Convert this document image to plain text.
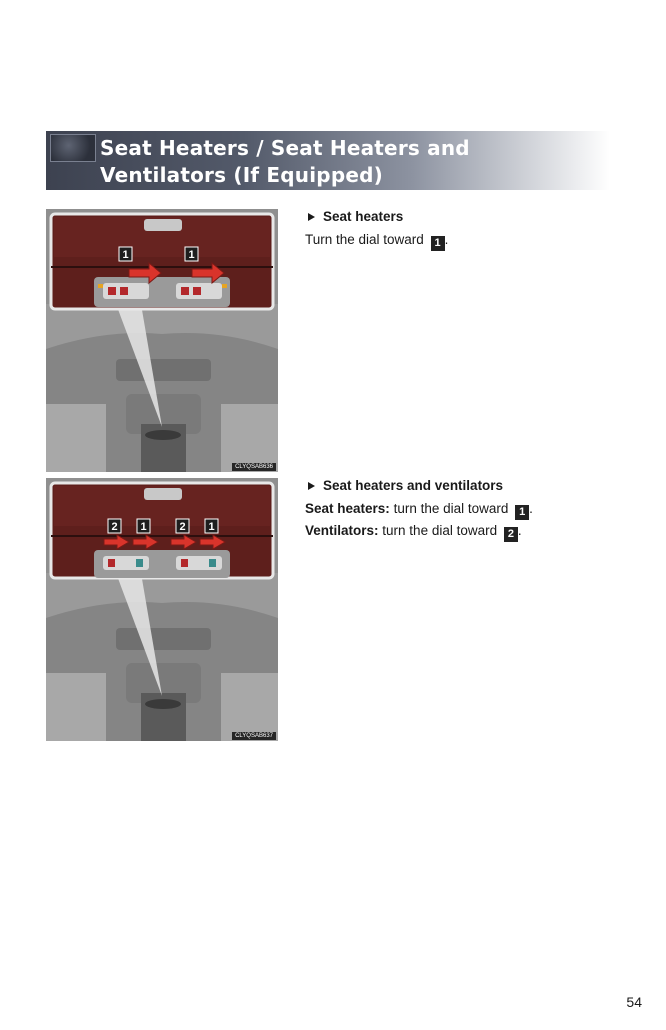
Seat Heaters / Seat Heaters and
Ventilators (If Equipped)
1	1
CLYQSAB636
2 1	2 1
CLYQSAB637
Seat heaters
Turn the dial toward 1 .
Seat heaters and ventilators
Seat heaters: turn the dial toward 1 .
Ventilators: turn the dial toward 2 .
54
